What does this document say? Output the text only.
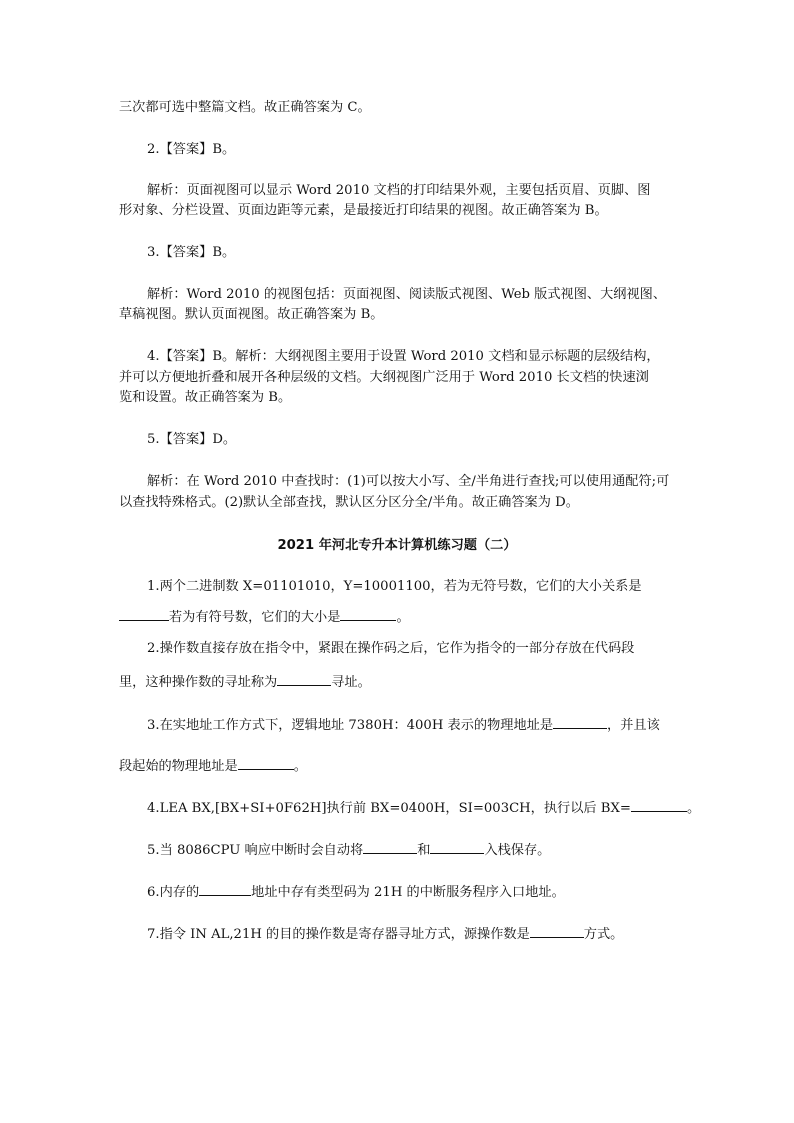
三次都可选中整篇文档。故正确答案为 C。
2.【答案】B。
解析：页面视图可以显示 Word 2010 文档的打印结果外观，主要包括页眉、页脚、图
形对象、分栏设置、页面边距等元素，是最接近打印结果的视图。故正确答案为 B。
3.【答案】B。
解析：Word 2010 的视图包括：页面视图、阅读版式视图、Web 版式视图、大纲视图、
草稿视图。默认页面视图。故正确答案为 B。
4.【答案】B。解析：大纲视图主要用于设置 Word 2010 文档和显示标题的层级结构，
并可以方便地折叠和展开各种层级的文档。大纲视图广泛用于 Word 2010 长文档的快速浏
览和设置。故正确答案为 B。
5.【答案】D。
解析：在 Word 2010 中查找时：(1)可以按大小写、全/半角进行查找;可以使用通配符;可
以查找特殊格式。(2)默认全部查找，默认区分区分全/半角。故正确答案为 D。
2021 年河北专升本计算机练习题（二）
1.两个二进制数 X=01101010，Y=10001100，若为无符号数，它们的大小关系是
若为有符号数，它们的大小是	。
2.操作数直接存放在指令中，紧跟在操作码之后，它作为指令的一部分存放在代码段
里，这种操作数的寻址称为	寻址。
3.在实地址工作方式下，逻辑地址 7380H：400H 表示的物理地址是	，并且该
段起始的物理地址是	。
4.LEA BX,[BX+SI+0F62H]执行前 BX=0400H，SI=003CH，执行以后 BX=	。
5.当 8086CPU 响应中断时会自动将	和	入栈保存。
6.内存的	地址中存有类型码为 21H 的中断服务程序入口地址。
7.指令 IN AL,21H 的目的操作数是寄存器寻址方式，源操作数是	方式。
